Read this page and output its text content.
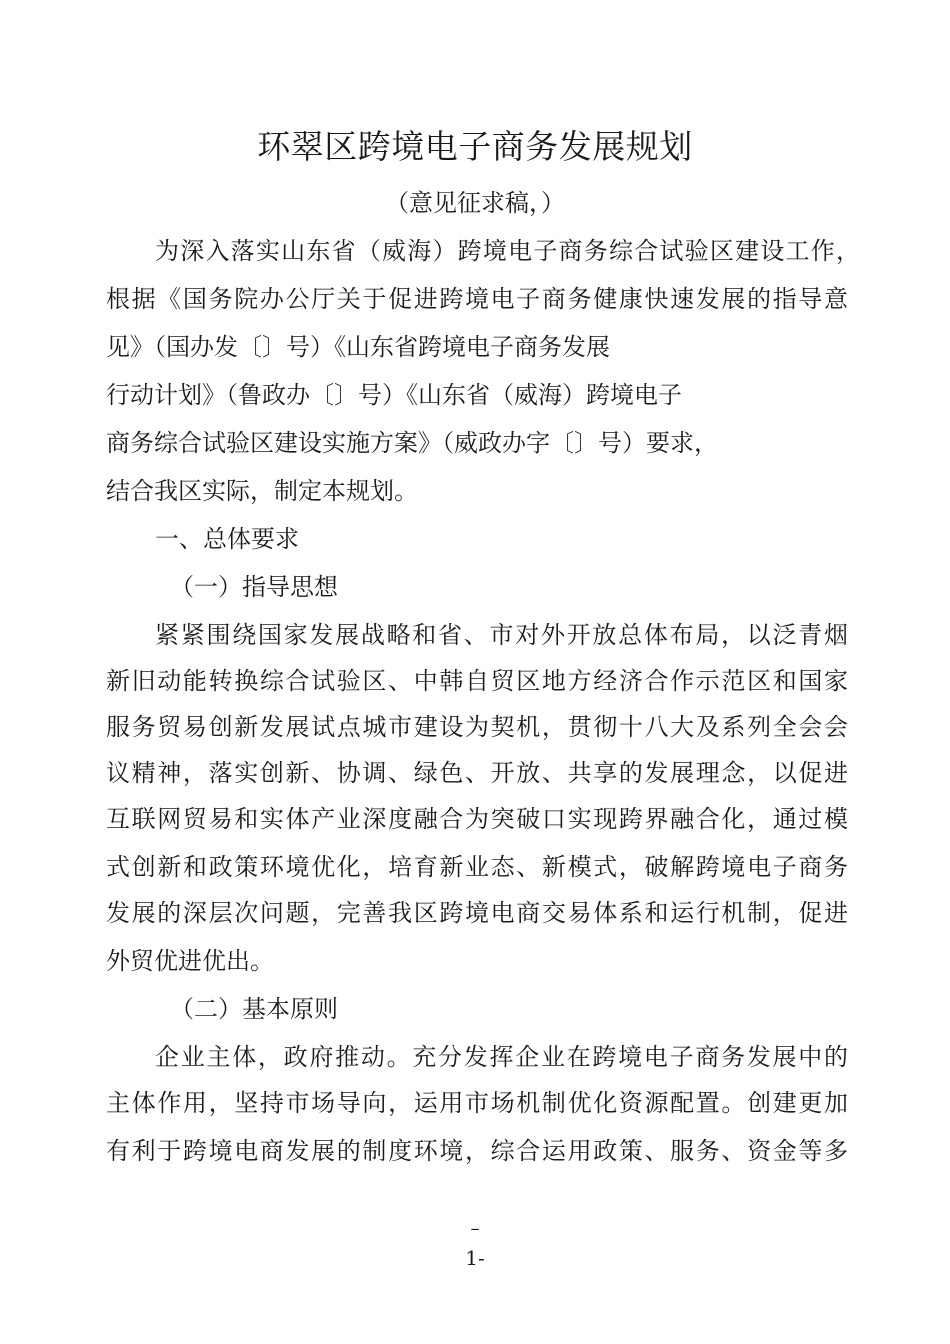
环翠区跨境电子商务发展规划
（意见征求稿，）
为深入落实山东省（威海）跨境电子商务综合试验区建设工作，
根据《国务院办公厅关于促进跨境电子商务健康快速发展的指导意
见》（国办发〔〕号）《山东省跨境电子商务发展
行动计划》（鲁政办〔〕号）《山东省（威海）跨境电子
商务综合试验区建设实施方案》（威政办字〔〕号）要求，
结合我区实际，制定本规划。
一、总体要求
（一）指导思想
紧紧围绕国家发展战略和省、市对外开放总体布局，以泛青烟
新旧动能转换综合试验区、中韩自贸区地方经济合作示范区和国家
服务贸易创新发展试点城市建设为契机，贯彻十八大及系列全会会
议精神，落实创新、协调、绿色、开放、共享的发展理念，以促进
互联网贸易和实体产业深度融合为突破口实现跨界融合化，通过模
式创新和政策环境优化，培育新业态、新模式，破解跨境电子商务
发展的深层次问题，完善我区跨境电商交易体系和运行机制，促进
外贸优进优出。
（二）基本原则
企业主体，政府推动。充分发挥企业在跨境电子商务发展中的
主体作用，坚持市场导向，运用市场机制优化资源配置。创建更加
有利于跨境电商发展的制度环境，综合运用政策、服务、资金等多
–
1-
